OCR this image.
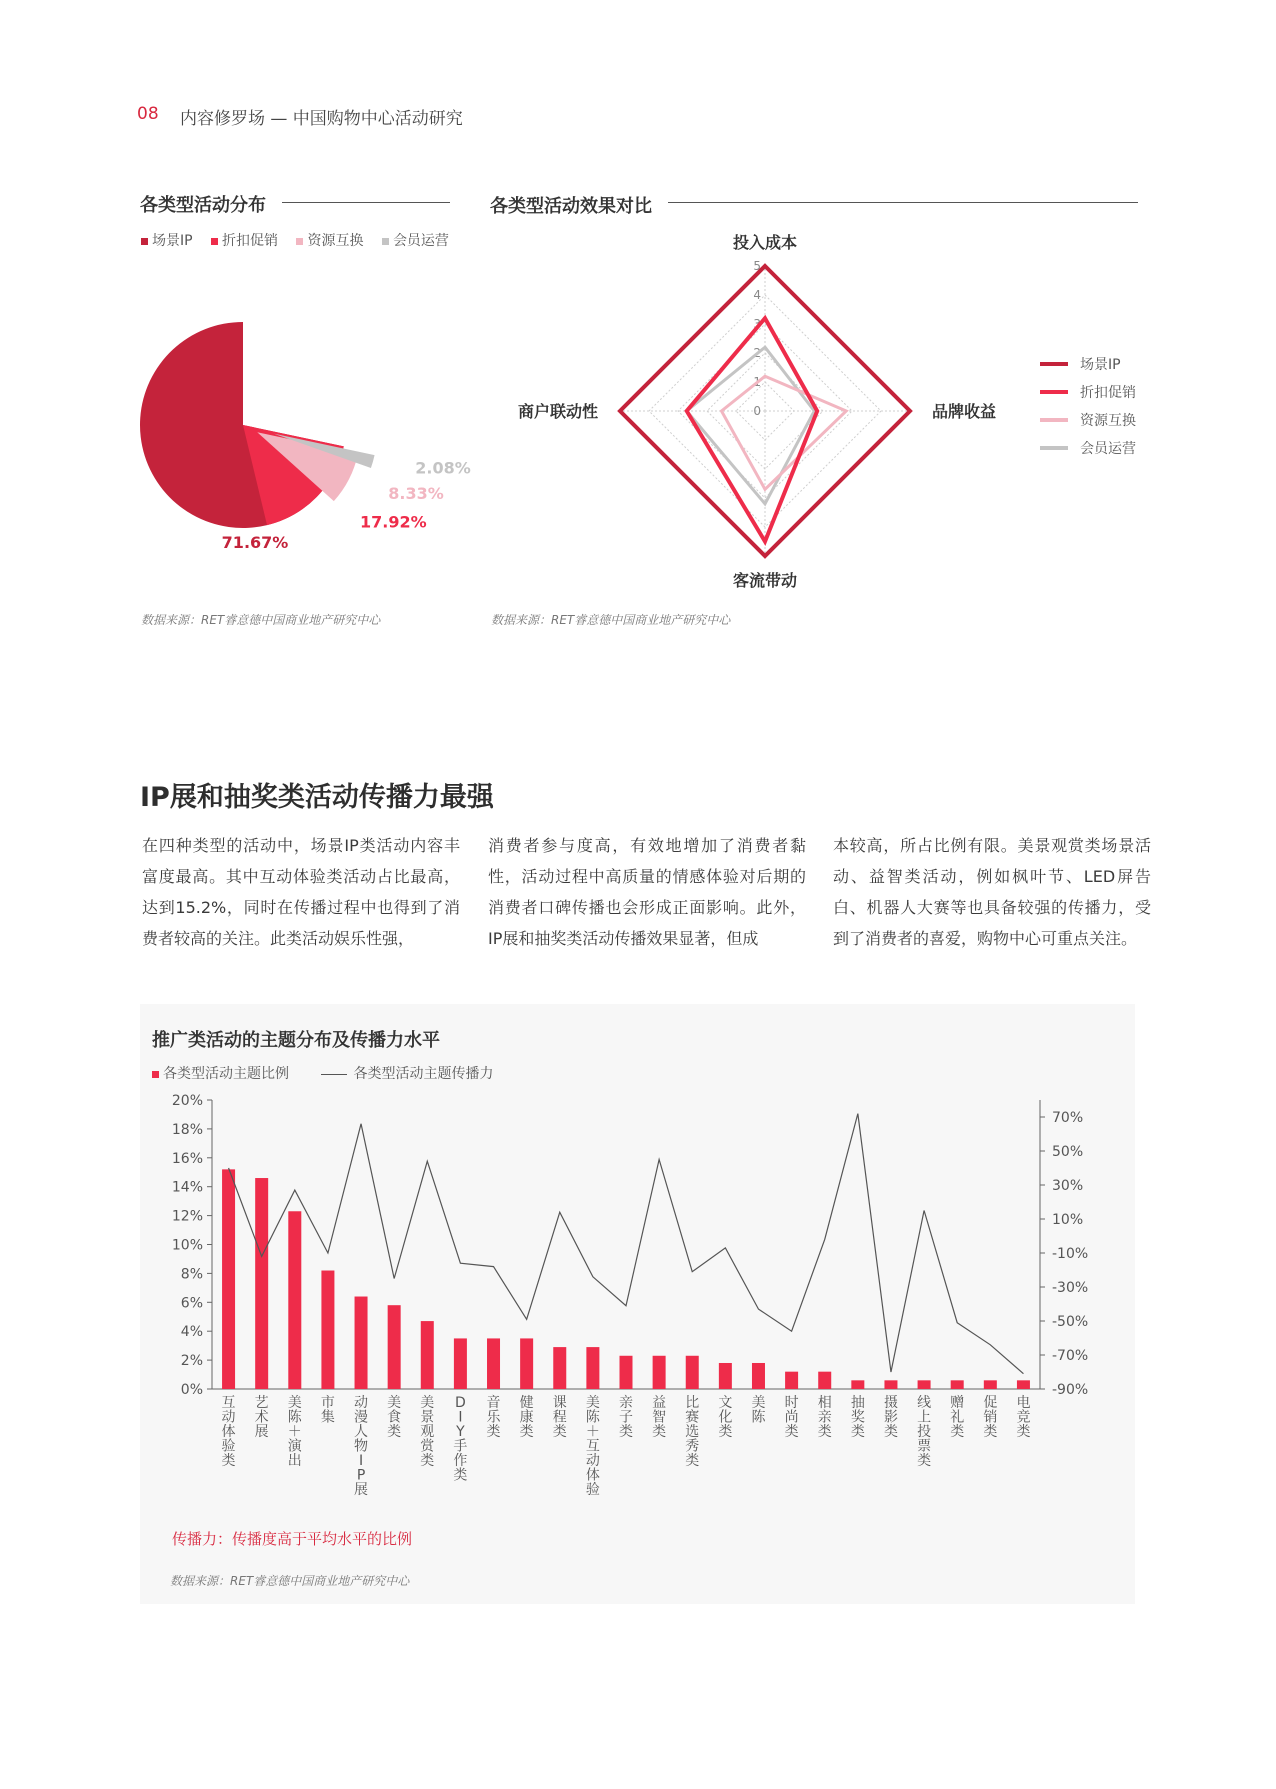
08 内容修罗场 — 中国购物中心活动研究
各类型活动分布
场景IP 折扣促销 资源互换 会员运营
71.67%
17.92%
8.33%
2.08%
数据来源：RET睿意德中国商业地产研究中心
各类型活动效果对比
0
1
2
3
4
5
投入成本
品牌收益
客流带动
商户联动性
场景IP
折扣促销
资源互换
会员运营
数据来源：RET睿意德中国商业地产研究中心
IP展和抽奖类活动传播力最强
在四种类型的活动中，场景IP类活动内容丰富度最高。其中互动体验类活动占比最高，达到15.2%，同时在传播过程中也得到了消费者较高的关注。此类活动娱乐性强，
消费者参与度高，有效地增加了消费者黏性，活动过程中高质量的情感体验对后期的消费者口碑传播也会形成正面影响。此外，IP展和抽奖类活动传播效果显著，但成
本较高，所占比例有限。美景观赏类场景活动、益智类活动，例如枫叶节、LED屏告白、机器人大赛等也具备较强的传播力，受到了消费者的喜爱，购物中心可重点关注。
推广类活动的主题分布及传播力水平
各类型活动主题比例	各类型活动主题传播力
0%
2%
4%
6%
8%
10%
12%
14%
16%
18%
20%
-90%
-70%
-50%
-30%
-10%
10%
30%
50%
70%
互动体验类
艺术展
美陈＋演出
市集
动漫人物 I P 展
美食类
美景观赏类
D I Y 手作类
音乐类
健康类
课程类
美陈＋互动体验
亲子类
益智类
比赛选秀类
文化类
美陈
时尚类
相亲类
抽奖类
摄影类
线上投票类
赠礼类
促销类
电竞类
传播力：传播度高于平均水平的比例
数据来源：RET睿意德中国商业地产研究中心
